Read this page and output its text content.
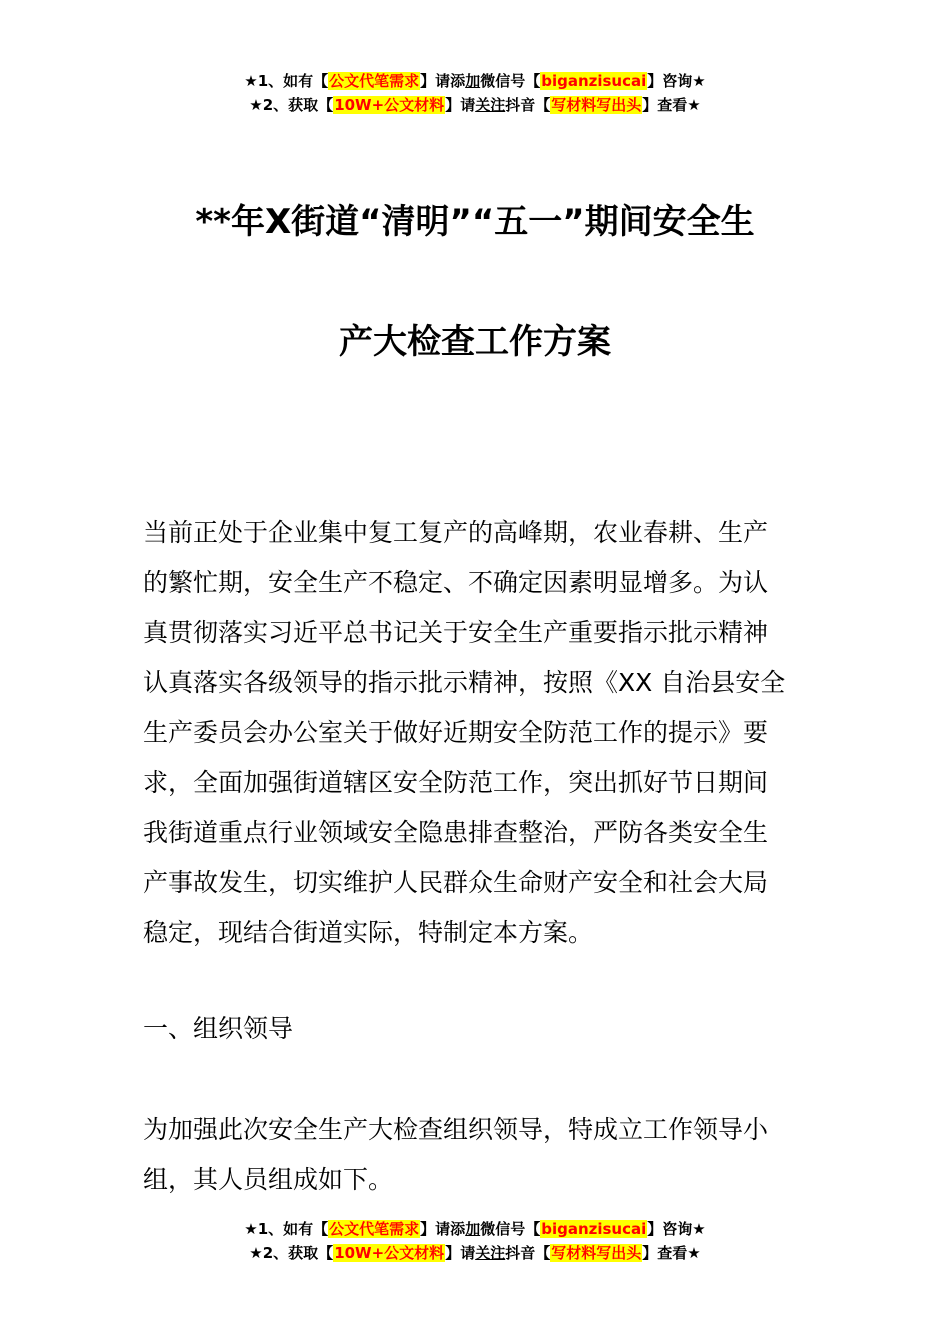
★1、如有【公文代笔需求】请添加微信号【biganzisucai】咨询★
★2、获取【10W+公文材料】请关注抖音【写材料写出头】查看★
**年X街道“清明”“五一”期间安全生
产大检查工作方案
当前正处于企业集中复工复产的高峰期，农业春耕、生产
的繁忙期，安全生产不稳定、不确定因素明显增多。为认
真贯彻落实习近平总书记关于安全生产重要指示批示精神
认真落实各级领导的指示批示精神，按照《XX 自治县安全
生产委员会办公室关于做好近期安全防范工作的提示》要
求，全面加强街道辖区安全防范工作，突出抓好节日期间
我街道重点行业领域安全隐患排查整治，严防各类安全生
产事故发生，切实维护人民群众生命财产安全和社会大局
稳定，现结合街道实际，特制定本方案。
一、组织领导
为加强此次安全生产大检查组织领导，特成立工作领导小
组，其人员组成如下。
★1、如有【公文代笔需求】请添加微信号【biganzisucai】咨询★
★2、获取【10W+公文材料】请关注抖音【写材料写出头】查看★
